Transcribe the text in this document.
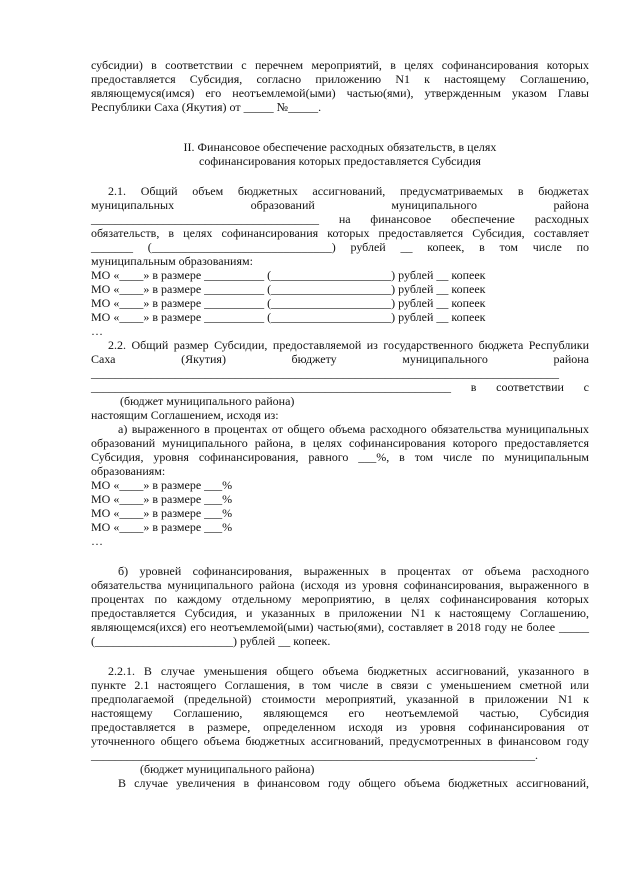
субсидии) в соответствии с перечнем мероприятий, в целях софинансирования которых
предоставляется Субсидия, согласно приложению N1 к настоящему Соглашению,
являющемуся(имся) его неотъемлемой(ыми) частью(ями), утвержденным указом Главы
Республики Саха (Якутия) от _____ №_____.
II. Финансовое обеспечение расходных обязательств, в целях
софинансирования которых предоставляется Субсидия
2.1. Общий объем бюджетных ассигнований, предусматриваемых в бюджетах
муниципальных образований муниципального района
______________________________________ на финансовое обеспечение расходных
обязательств, в целях софинансирования которых предоставляется Субсидия, составляет
_______ (______________________________) рублей __ копеек, в том числе по
муниципальным образованиям:
МО «____» в размере __________ (____________________) рублей __ копеек
МО «____» в размере __________ (____________________) рублей __ копеек
МО «____» в размере __________ (____________________) рублей __ копеек
МО «____» в размере __________ (____________________) рублей __ копеек
…
2.2. Общий размер Субсидии, предоставляемой из государственного бюджета Республики
Саха (Якутия) бюджету муниципального района
______________________________________________________________________________
____________________________________________________________ в соответствии с
(бюджет муниципального района)
настоящим Соглашением, исходя из:
а) выраженного в процентах от общего объема расходного обязательства муниципальных
образований муниципального района, в целях софинансирования которого предоставляется
Субсидия, уровня софинансирования, равного ___%, в том числе по муниципальным
образованиям:
МО «____» в размере ___%
МО «____» в размере ___%
МО «____» в размере ___%
МО «____» в размере ___%
…
б) уровней софинансирования, выраженных в процентах от объема расходного
обязательства муниципального района (исходя из уровня софинансирования, выраженного в
процентах по каждому отдельному мероприятию, в целях софинансирования которых
предоставляется Субсидия, и указанных в приложении N1 к настоящему Соглашению,
являющемся(ихся) его неотъемлемой(ыми) частью(ями), составляет в 2018 году не более _____
(_______________________) рублей __ копеек.
2.2.1. В случае уменьшения общего объема бюджетных ассигнований, указанного в
пункте 2.1 настоящего Соглашения, в том числе в связи с уменьшением сметной или
предполагаемой (предельной) стоимости мероприятий, указанной в приложении N1 к
настоящему Соглашению, являющемся его неотъемлемой частью, Субсидия
предоставляется в размере, определенном исходя из уровня софинансирования от
уточненного общего объема бюджетных ассигнований, предусмотренных в финансовом году
__________________________________________________________________________.
(бюджет муниципального района)
В случае увеличения в финансовом году общего объема бюджетных ассигнований,
